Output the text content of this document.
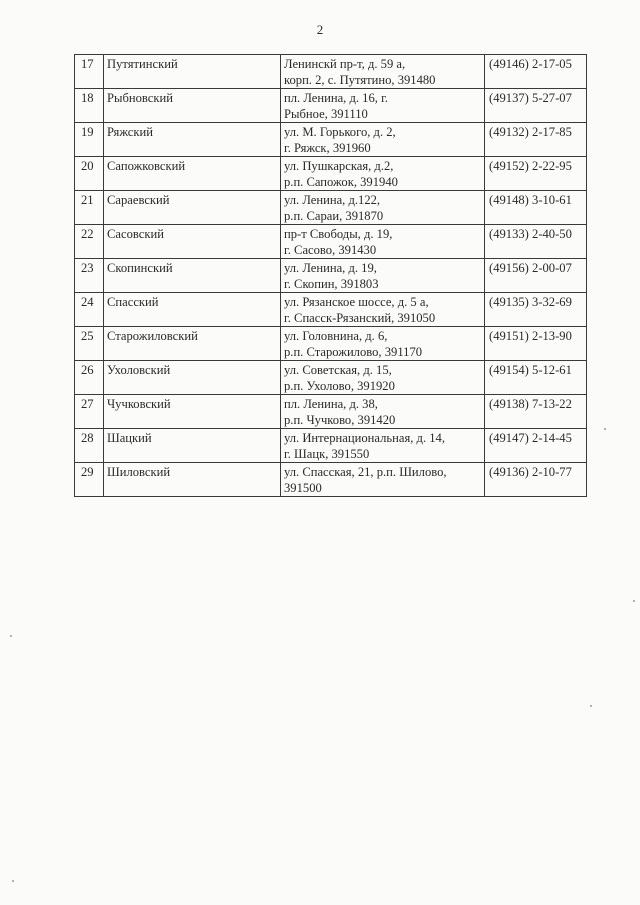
2
17	Путятинский	Ленинскй пр-т, д. 59 а,
корп. 2, с. Путятино, 391480	(49146) 2-17-05
18	Рыбновский	пл. Ленина, д. 16, г.
Рыбное, 391110	(49137) 5-27-07
19	Ряжский	ул. М. Горького, д. 2,
г. Ряжск, 391960	(49132) 2-17-85
20	Сапожковский	ул. Пушкарская, д.2,
р.п. Сапожок, 391940	(49152) 2-22-95
21	Сараевский	ул. Ленина, д.122,
р.п. Сараи, 391870	(49148) 3-10-61
22	Сасовский	пр-т Свободы, д. 19,
г. Сасово, 391430	(49133) 2-40-50
23	Скопинский	ул. Ленина, д. 19,
г. Скопин, 391803	(49156) 2-00-07
24	Спасский	ул. Рязанское шоссе, д. 5 а,
г. Спасск-Рязанский, 391050	(49135) 3-32-69
25	Старожиловский	ул. Головнина, д. 6,
р.п. Старожилово, 391170	(49151) 2-13-90
26	Ухоловский	ул. Советская, д. 15,
р.п. Ухолово, 391920	(49154) 5-12-61
27	Чучковский	пл. Ленина, д. 38,
р.п. Чучково, 391420	(49138) 7-13-22
28	Шацкий	ул. Интернациональная, д. 14,
г. Шацк, 391550	(49147) 2-14-45
29	Шиловский	ул. Спасская, 21, р.п. Шилово,
391500	(49136) 2-10-77
